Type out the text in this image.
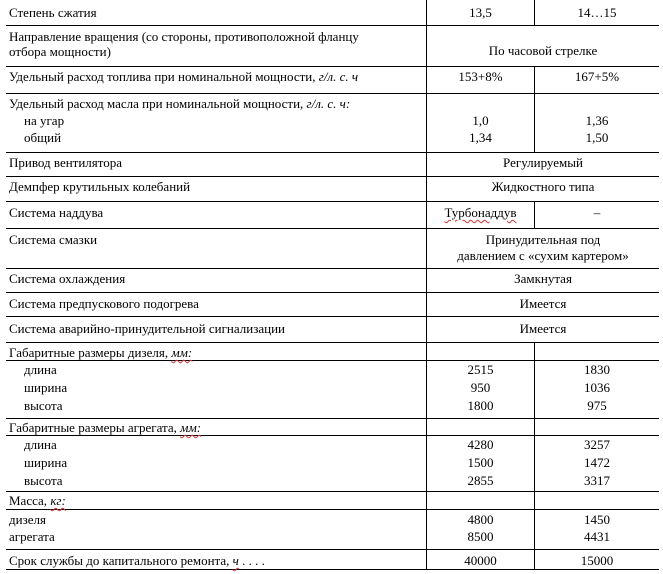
Степень сжатия	13,5	14…15
Направление вращения (со стороны, противоположной фланцу
отбора мощности)	По часовой стрелке
Удельный расход топлива при номинальной мощности, г/л. с. ч	153+8%	167+5%
Удельный расход масла при номинальной мощности, г/л. с. ч:
на угар	1,0	1,36
общий	1,34	1,50
Привод вентилятора	Регулируемый
Демпфер крутильных колебаний	Жидкостного типа
Система наддува	Турбонаддув	–
Система смазки	Принудительная под
давлением с «сухим картером»
Система охлаждения	Замкнутая
Система предпускового подогрева	Имеется
Система аварийно-принудительной сигнализации	Имеется
Габаритные размеры дизеля, мм:
длина	2515	1830
ширина	950	1036
высота	1800	975
Габаритные размеры агрегата, мм:
длина	4280	3257
ширина	1500	1472
высота	2855	3317
Масса, кг:
дизеля	4800	1450
агрегата	8500	4431
Срок службы до капитального ремонта, ч . . . .	40000	15000
